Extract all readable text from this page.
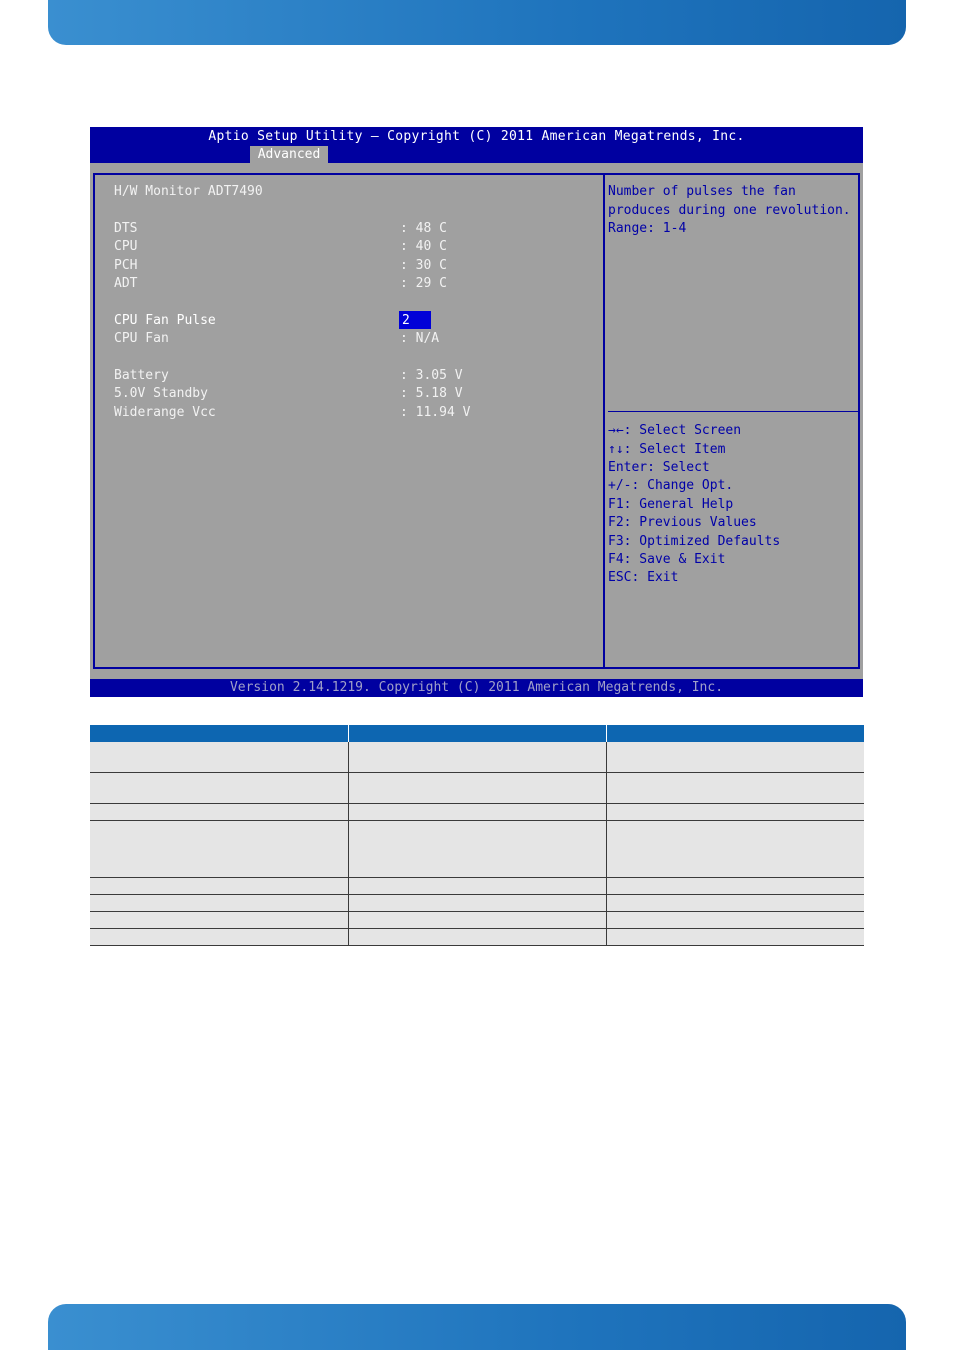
Aptio Setup Utility – Copyright (C) 2011 American Megatrends, Inc.
Advanced
H/W Monitor ADT7490
DTS	: 48 C
CPU	: 40 C
PCH	: 30 C
ADT	: 29 C
CPU Fan Pulse	2
CPU Fan	: N/A
Battery	: 3.05 V
5.0V Standby	: 5.18 V
Widerange Vcc	: 11.94 V
Number of pulses the fan
produces during one revolution.
Range: 1-4
→←: Select Screen
↑↓: Select Item
Enter: Select
+/-: Change Opt.
F1: General Help
F2: Previous Values
F3: Optimized Defaults
F4: Save & Exit
ESC: Exit
Version 2.14.1219. Copyright (C) 2011 American Megatrends, Inc.
